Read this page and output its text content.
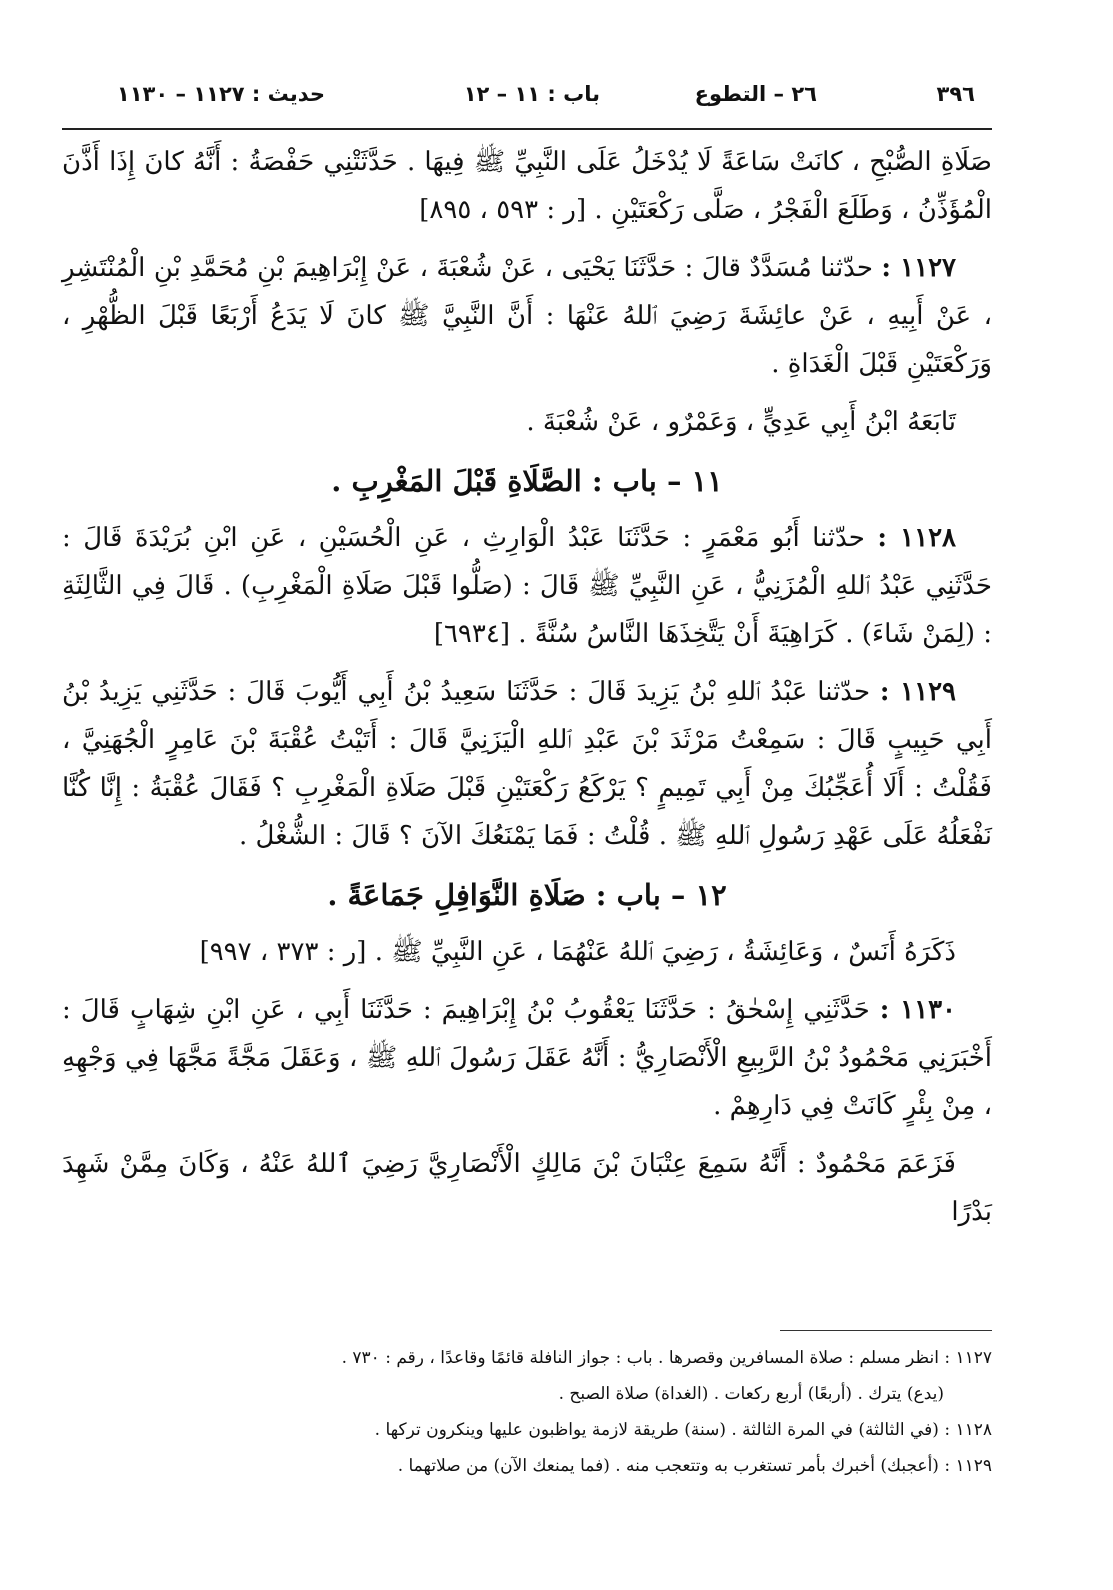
٣٩٦
٢٦ – التطوع
باب : ١١ – ١٢
حديث : ١١٢٧ – ١١٣٠

صَلَاةِ الصُّبْحِ ، كانَتْ سَاعَةً لَا يُدْخَلُ عَلَى النَّبِيِّ ﷺ فِيهَا . حَدَّثَتْنِي حَفْصَةُ : أَنَّهُ كانَ إِذَا أَذَّنَ الْمُؤَذِّنُ ، وَطَلَعَ الْفَجْرُ ، صَلَّى رَكْعَتَيْنِ . [ر : ٥٩٣ ، ٨٩٥]

١١٢٧ : حدّثنا مُسَدَّدٌ قالَ : حَدَّثَنَا يَحْيَى ، عَنْ شُعْبَةَ ، عَنْ إِبْرَاهِيمَ بْنِ مُحَمَّدِ بْنِ الْمُنْتَشِرِ ، عَنْ أَبِيهِ ، عَنْ عائِشَةَ رَضِيَ ٱللهُ عَنْهَا : أَنَّ النَّبِيَّ ﷺ كانَ لَا يَدَعُ أَرْبَعًا قَبْلَ الظُّهْرِ ، وَرَكْعَتَيْنِ قَبْلَ الْغَدَاةِ .

تَابَعَهُ ابْنُ أَبِي عَدِيٍّ ، وَعَمْرٌو ، عَنْ شُعْبَةَ .

١١ – باب : الصَّلَاةِ قَبْلَ المَغْرِبِ .

١١٢٨ : حدّثنا أَبُو مَعْمَرٍ : حَدَّثَنَا عَبْدُ الْوَارِثِ ، عَنِ الْحُسَيْنِ ، عَنِ ابْنِ بُرَيْدَةَ قَالَ : حَدَّثَنِي عَبْدُ ٱللهِ الْمُزَنِيُّ ، عَنِ النَّبِيِّ ﷺ قَالَ : (صَلُّوا قَبْلَ صَلَاةِ الْمَغْرِبِ) . قَالَ فِي الثَّالِثَةِ : (لِمَنْ شَاءَ) . كَرَاهِيَةَ أَنْ يَتَّخِذَهَا النَّاسُ سُنَّةً . [٦٩٣٤]

١١٢٩ : حدّثنا عَبْدُ ٱللهِ بْنُ يَزِيدَ قَالَ : حَدَّثَنَا سَعِيدُ بْنُ أَبِي أَيُّوبَ قَالَ : حَدَّثَنِي يَزِيدُ بْنُ أَبِي حَبِيبٍ قَالَ : سَمِعْتُ مَرْثَدَ بْنَ عَبْدِ ٱللهِ الْيَزَنِيَّ قَالَ : أَتَيْتُ عُقْبَةَ بْنَ عَامِرٍ الْجُهَنِيَّ ، فَقُلْتُ : أَلَا أُعَجِّبُكَ مِنْ أَبِي تَمِيمٍ ؟ يَرْكَعُ رَكْعَتَيْنِ قَبْلَ صَلَاةِ الْمَغْرِبِ ؟ فَقَالَ عُقْبَةُ : إِنَّا كُنَّا نَفْعَلُهُ عَلَى عَهْدِ رَسُولِ ٱللهِ ﷺ . قُلْتُ : فَمَا يَمْنَعُكَ الآنَ ؟ قَالَ : الشُّغْلُ .

١٢ – باب : صَلَاةِ النَّوَافِلِ جَمَاعَةً .

ذَكَرَهُ أَنَسٌ ، وَعَائِشَةُ ، رَضِيَ ٱللهُ عَنْهُمَا ، عَنِ النَّبِيِّ ﷺ . [ر : ٣٧٣ ، ٩٩٧]

١١٣٠ : حَدَّثَنِي إِسْحٰقُ : حَدَّثَنَا يَعْقُوبُ بْنُ إِبْرَاهِيمَ : حَدَّثَنَا أَبِي ، عَنِ ابْنِ شِهَابٍ قَالَ : أَخْبَرَنِي مَحْمُودُ بْنُ الرَّبِيعِ الْأَنْصَارِيُّ : أَنَّهُ عَقَلَ رَسُولَ ٱللهِ ﷺ ، وَعَقَلَ مَجَّةً مَجَّهَا فِي وَجْهِهِ ، مِنْ بِئْرٍ كَانَتْ فِي دَارِهِمْ .

فَزَعَمَ مَحْمُودٌ : أَنَّهُ سَمِعَ عِتْبَانَ بْنَ مَالِكٍ الْأَنْصَارِيَّ رَضِيَ ٱللهُ عَنْهُ ، وَكَانَ مِمَّنْ شَهِدَ بَدْرًا

١١٢٧ : انظر مسلم : صلاة المسافرين وقصرها . باب : جواز النافلة قائمًا وقاعدًا ، رقم : ٧٣٠ .

(يدع) يترك . (أربعًا) أربع ركعات . (الغداة) صلاة الصبح .

١١٢٨ : (في الثالثة) في المرة الثالثة . (سنة) طريقة لازمة يواظبون عليها وينكرون تركها .

١١٢٩ : (أعجبك) أخبرك بأمر تستغرب به وتتعجب منه . (فما يمنعك الآن) من صلاتهما .
